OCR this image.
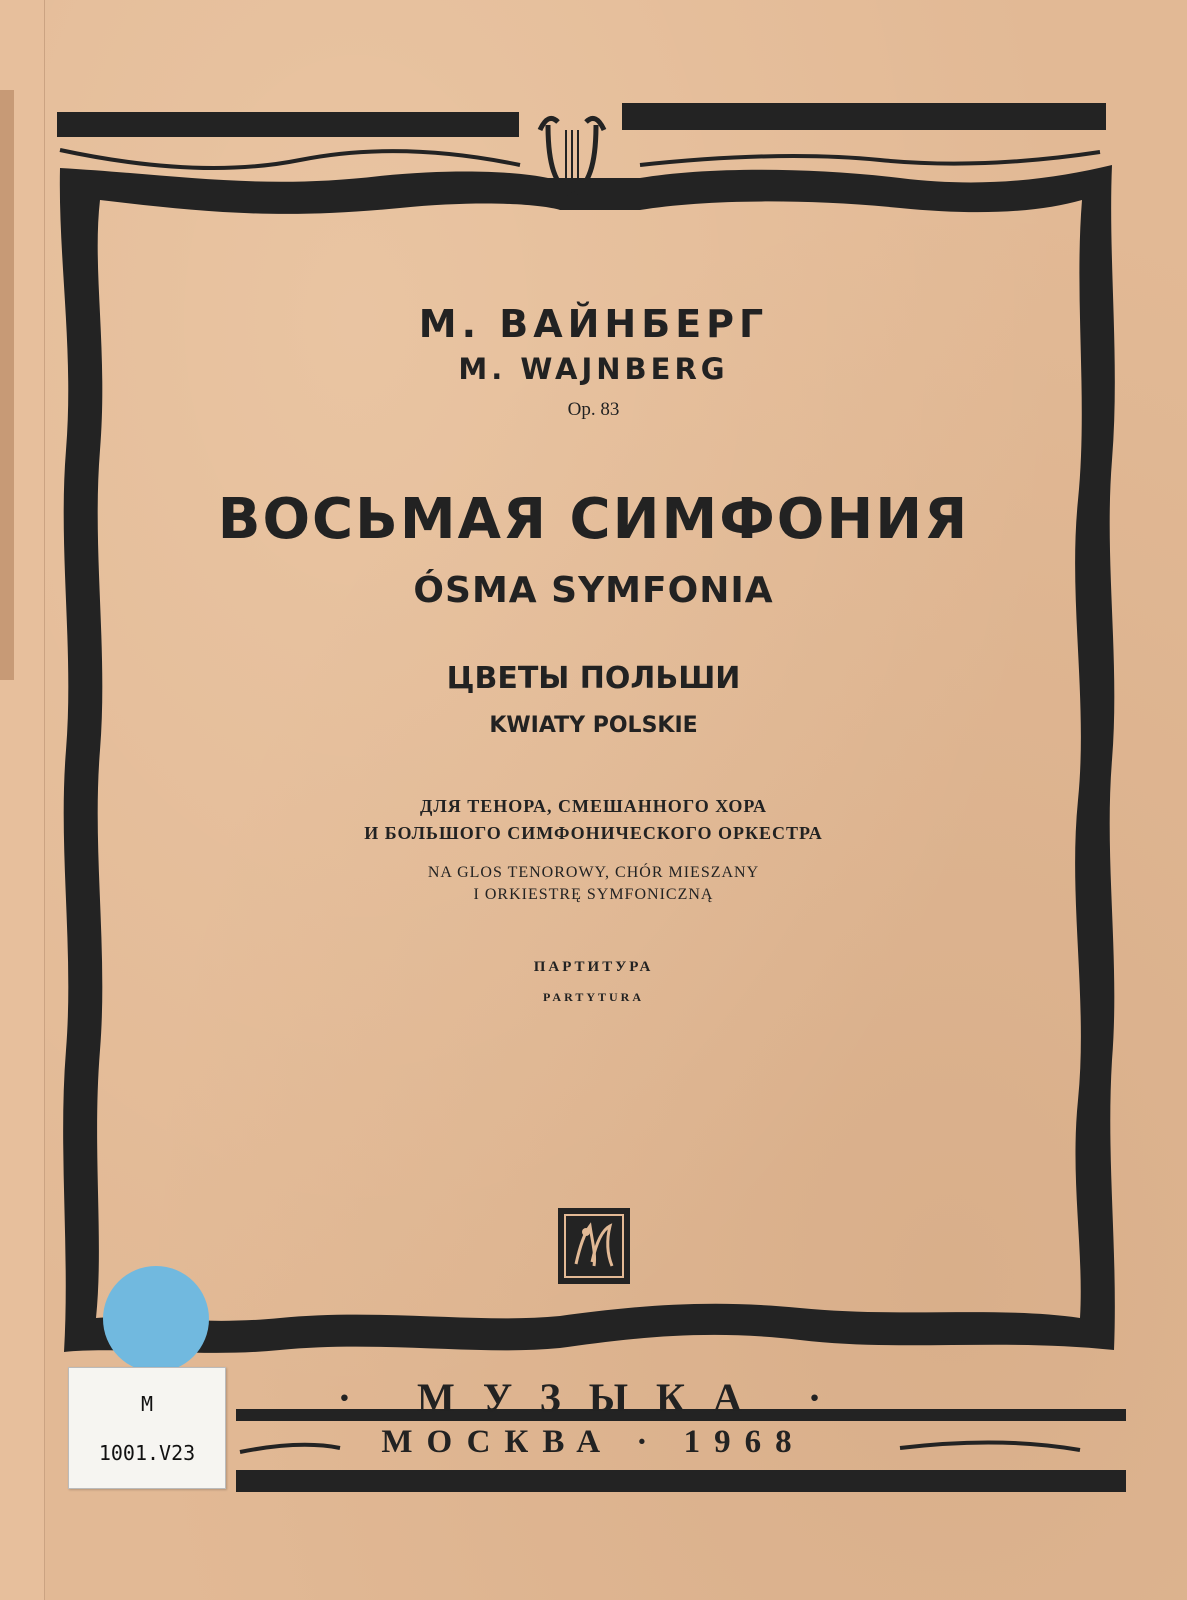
М. ВАЙНБЕРГ
M. WAJNBERG
Op. 83
ВОСЬМАЯ СИМФОНИЯ
ÓSMA SYMFONIA
ЦВЕТЫ ПОЛЬШИ
KWIATY POLSKIE
ДЛЯ ТЕНОРА, СМЕШАННОГО ХОРА
И БОЛЬШОГО СИМФОНИЧЕСКОГО ОРКЕСТРА
NA GLOS TENOROWY, CHÓR MIESZANY
I ORKIESTRĘ SYMFONICZNĄ
ПАРТИТУРА
PARTYTURA
· МУЗЫКА ·
МОСКВА · 1968
M
1001.V23
